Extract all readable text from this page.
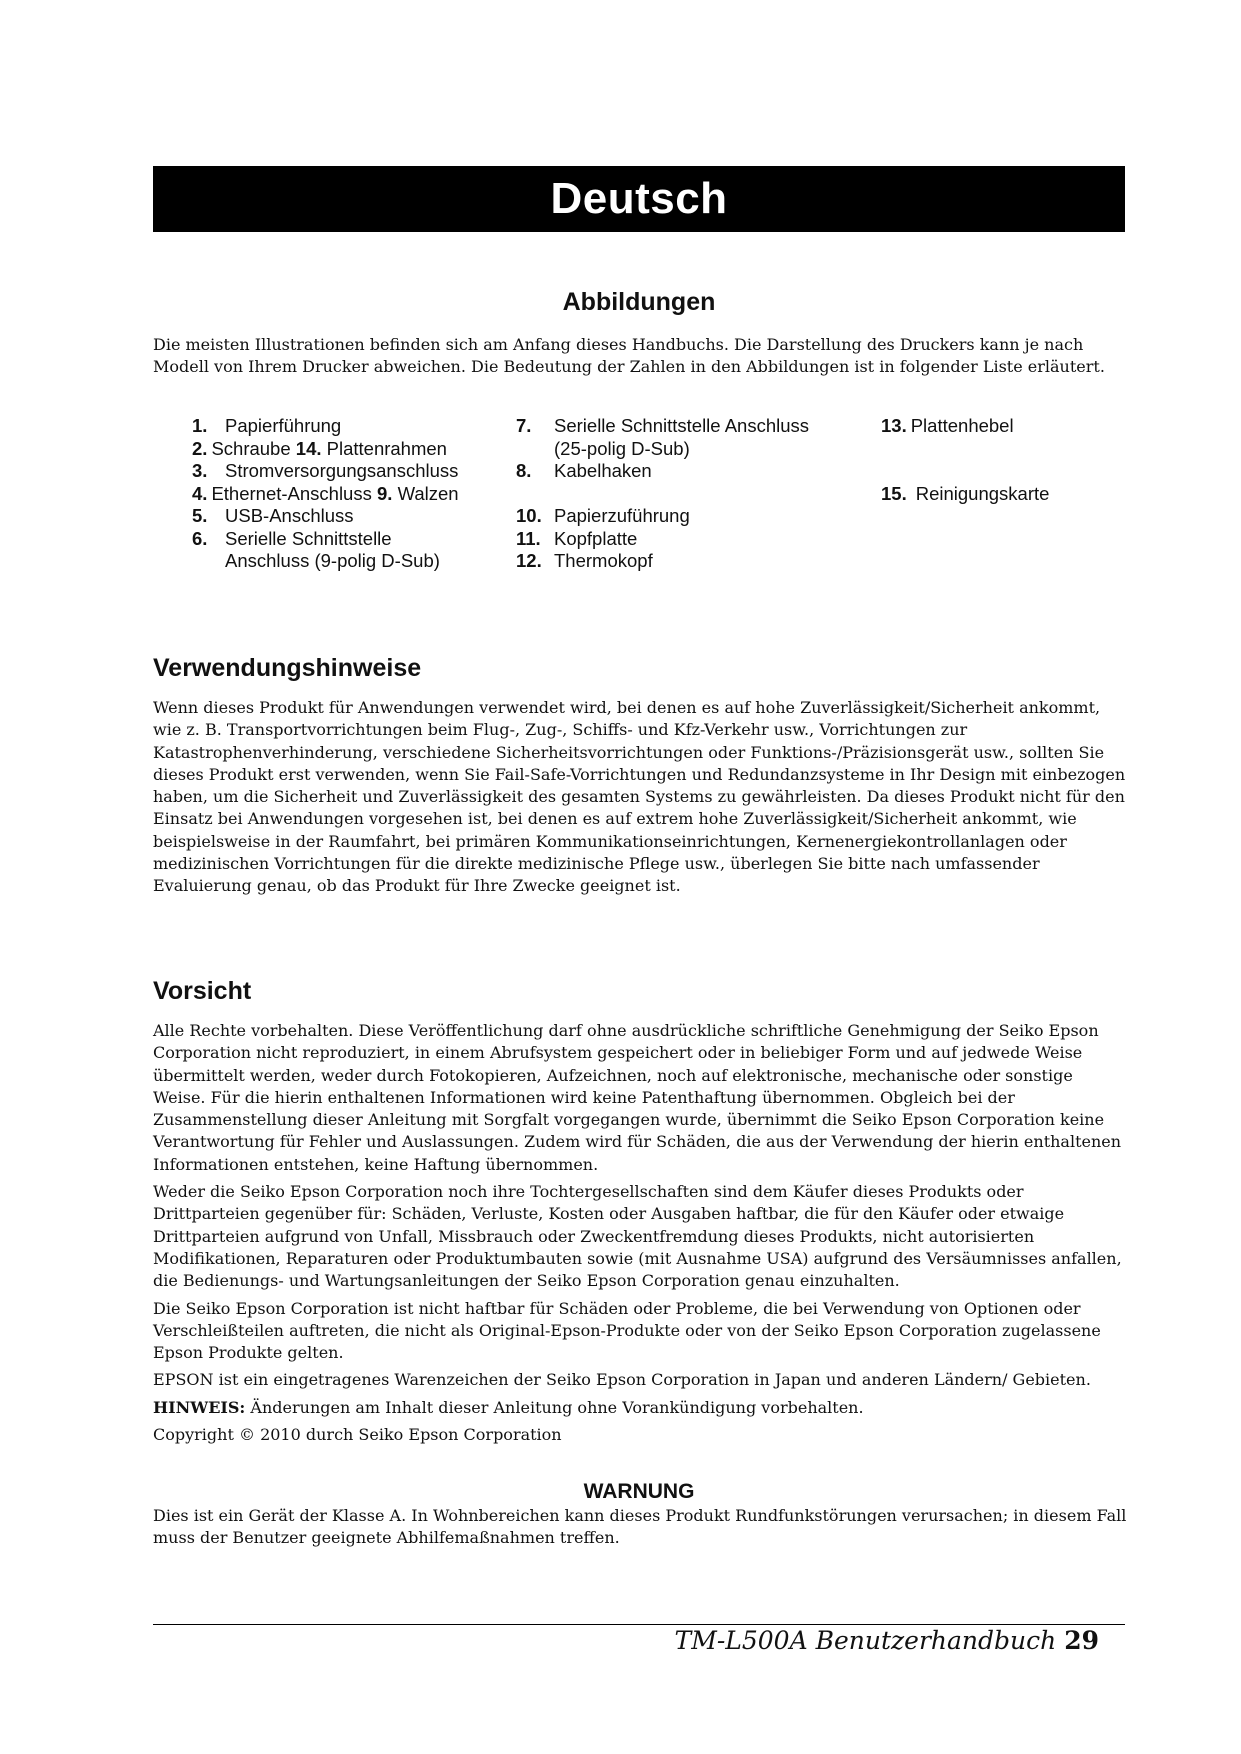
Deutsch
Abbildungen

Die meisten Illustrationen befinden sich am Anfang dieses Handbuchs. Die Darstellung des Druckers kann je nach Modell von Ihrem Drucker abweichen. Die Bedeutung der Zahlen in den Abbildungen ist in folgender Liste erläutert.

1. Papierführung
2. Schraube
14.
Plattenrahmen
3. Stromversorgungsanschluss
4. Ethernet-Anschluss
9.
Walzen
5. USB-Anschluss
6. Serielle Schnittstelle
Anschluss (9-polig D-Sub)
7.	Serielle Schnittstelle Anschluss
(25-polig D-Sub)
8.	Kabelhaken
10. Papierzuführung
11. Kopfplatte
12. Thermokopf
13. Plattenhebel
15. Reinigungskarte
Verwendungshinweise

Wenn dieses Produkt für Anwendungen verwendet wird, bei denen es auf hohe Zuverlässigkeit/Sicherheit ankommt, wie z. B. Transportvorrichtungen beim Flug-, Zug-, Schiffs- und Kfz-Verkehr usw., Vorrichtungen zur Katastrophenverhinderung, verschiedene Sicherheitsvorrichtungen oder Funktions-/Präzisionsgerät usw., sollten Sie dieses Produkt erst verwenden, wenn Sie Fail-Safe-Vorrichtungen und Redundanzsysteme in Ihr Design mit einbezogen haben, um die Sicherheit und Zuverlässigkeit des gesamten Systems zu gewährleisten. Da dieses Produkt nicht für den Einsatz bei Anwendungen vorgesehen ist, bei denen es auf extrem hohe Zuverlässigkeit/Sicherheit ankommt, wie beispielsweise in der Raumfahrt, bei primären Kommunikationseinrichtungen, Kernenergiekontrollanlagen oder medizinischen Vorrichtungen für die direkte medizinische Pflege usw., überlegen Sie bitte nach umfassender Evaluierung genau, ob das Produkt für Ihre Zwecke geeignet ist.

Vorsicht

Alle Rechte vorbehalten. Diese Veröffentlichung darf ohne ausdrückliche schriftliche Genehmigung der Seiko Epson Corporation nicht reproduziert, in einem Abrufsystem gespeichert oder in beliebiger Form und auf jedwede Weise übermittelt werden, weder durch Fotokopieren, Aufzeichnen, noch auf elektronische, mechanische oder sonstige Weise. Für die hierin enthaltenen Informationen wird keine Patenthaftung übernommen. Obgleich bei der Zusammenstellung dieser Anleitung mit Sorgfalt vorgegangen wurde, übernimmt die Seiko Epson Corporation keine Verantwortung für Fehler und Auslassungen. Zudem wird für Schäden, die aus der Verwendung der hierin enthaltenen Informationen entstehen, keine Haftung übernommen.

Weder die Seiko Epson Corporation noch ihre Tochtergesellschaften sind dem Käufer dieses Produkts oder Drittparteien gegenüber für: Schäden, Verluste, Kosten oder Ausgaben haftbar, die für den Käufer oder etwaige Drittparteien aufgrund von Unfall, Missbrauch oder Zweckentfremdung dieses Produkts, nicht autorisierten Modifikationen, Reparaturen oder Produktumbauten sowie (mit Ausnahme USA) aufgrund des Versäumnisses anfallen, die Bedienungs- und Wartungsanleitungen der Seiko Epson Corporation genau einzuhalten.

Die Seiko Epson Corporation ist nicht haftbar für Schäden oder Probleme, die bei Verwendung von Optionen oder Verschleißteilen auftreten, die nicht als Original-Epson-Produkte oder von der Seiko Epson Corporation zugelassene Epson Produkte gelten.

EPSON ist ein eingetragenes Warenzeichen der Seiko Epson Corporation in Japan und anderen Ländern/ Gebieten.

HINWEIS: Änderungen am Inhalt dieser Anleitung ohne Vorankündigung vorbehalten.

Copyright © 2010 durch Seiko Epson Corporation

WARNUNG

Dies ist ein Gerät der Klasse A. In Wohnbereichen kann dieses Produkt Rundfunkstörungen verursachen; in diesem Fall muss der Benutzer geeignete Abhilfemaßnahmen treffen.

TM-L500A Benutzerhandbuch 29
